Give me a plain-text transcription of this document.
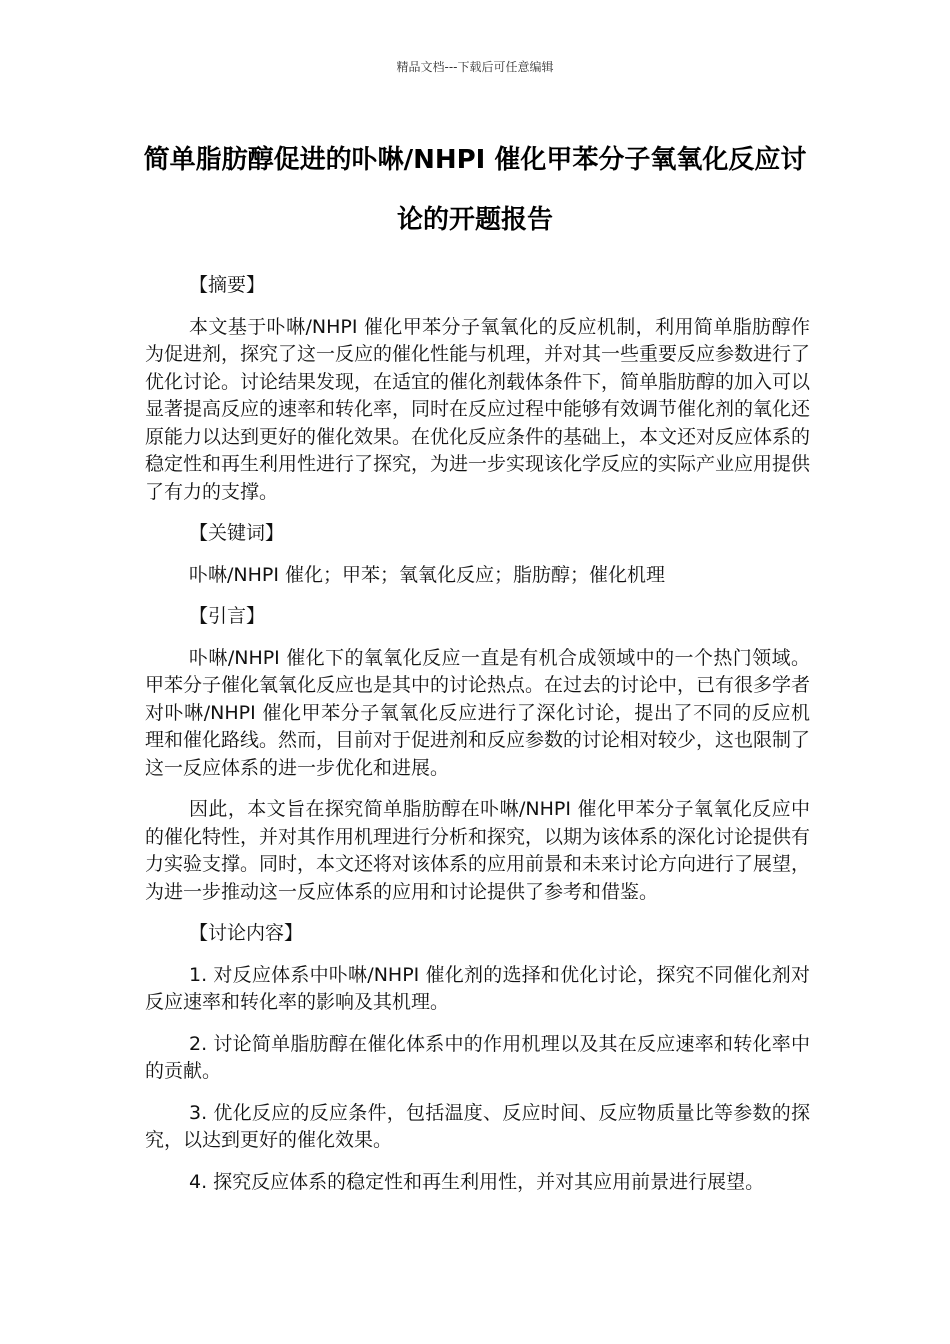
精品文档---下载后可任意编辑
简单脂肪醇促进的卟啉/NHPI 催化甲苯分子氧氧化反应讨论的开题报告
【摘要】
本文基于卟啉/NHPI 催化甲苯分子氧氧化的反应机制，利用简单脂肪醇作为促进剂，探究了这一反应的催化性能与机理，并对其一些重要反应参数进行了优化讨论。讨论结果发现，在适宜的催化剂载体条件下，简单脂肪醇的加入可以显著提高反应的速率和转化率，同时在反应过程中能够有效调节催化剂的氧化还原能力以达到更好的催化效果。在优化反应条件的基础上，本文还对反应体系的稳定性和再生利用性进行了探究，为进一步实现该化学反应的实际产业应用提供了有力的支撑。
【关键词】
卟啉/NHPI 催化；甲苯；氧氧化反应；脂肪醇；催化机理
【引言】
卟啉/NHPI 催化下的氧氧化反应一直是有机合成领域中的一个热门领域。甲苯分子催化氧氧化反应也是其中的讨论热点。在过去的讨论中，已有很多学者对卟啉/NHPI 催化甲苯分子氧氧化反应进行了深化讨论，提出了不同的反应机理和催化路线。然而，目前对于促进剂和反应参数的讨论相对较少，这也限制了这一反应体系的进一步优化和进展。
因此，本文旨在探究简单脂肪醇在卟啉/NHPI 催化甲苯分子氧氧化反应中的催化特性，并对其作用机理进行分析和探究，以期为该体系的深化讨论提供有力实验支撑。同时，本文还将对该体系的应用前景和未来讨论方向进行了展望，为进一步推动这一反应体系的应用和讨论提供了参考和借鉴。
【讨论内容】
1. 对反应体系中卟啉/NHPI 催化剂的选择和优化讨论，探究不同催化剂对反应速率和转化率的影响及其机理。
2. 讨论简单脂肪醇在催化体系中的作用机理以及其在反应速率和转化率中的贡献。
3. 优化反应的反应条件，包括温度、反应时间、反应物质量比等参数的探究，以达到更好的催化效果。
4. 探究反应体系的稳定性和再生利用性，并对其应用前景进行展望。
